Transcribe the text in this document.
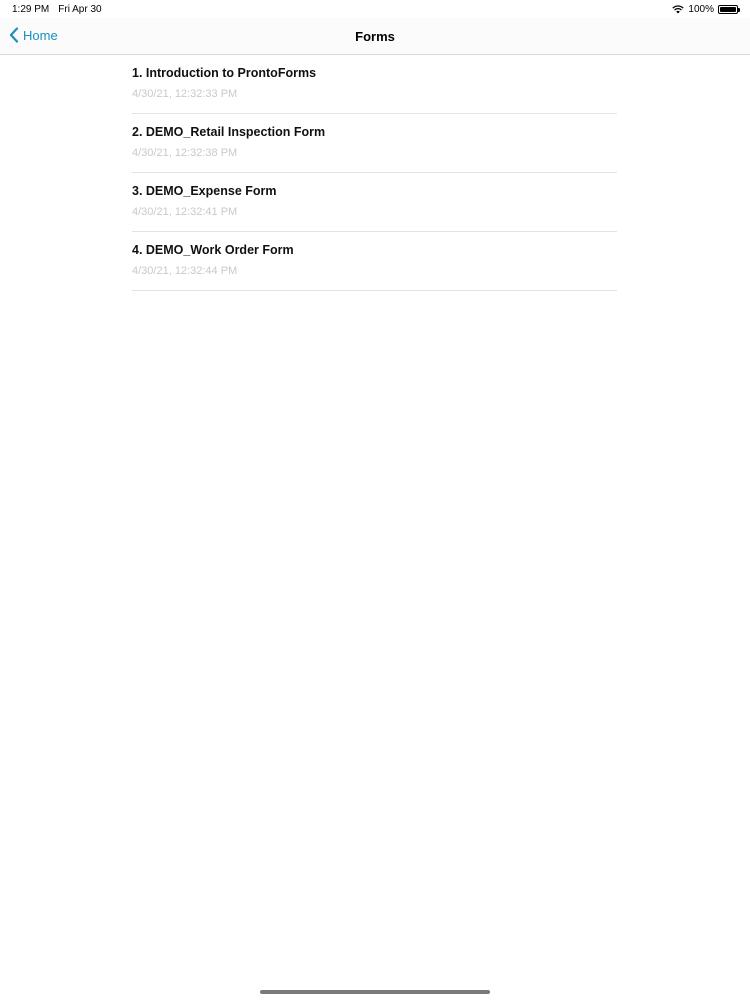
1:29 PM Fri Apr 30	100%
Home	Forms
1. Introduction to ProntoForms
4/30/21, 12:32:33 PM
2. DEMO_Retail Inspection Form
4/30/21, 12:32:38 PM
3. DEMO_Expense Form
4/30/21, 12:32:41 PM
4. DEMO_Work Order Form
4/30/21, 12:32:44 PM
